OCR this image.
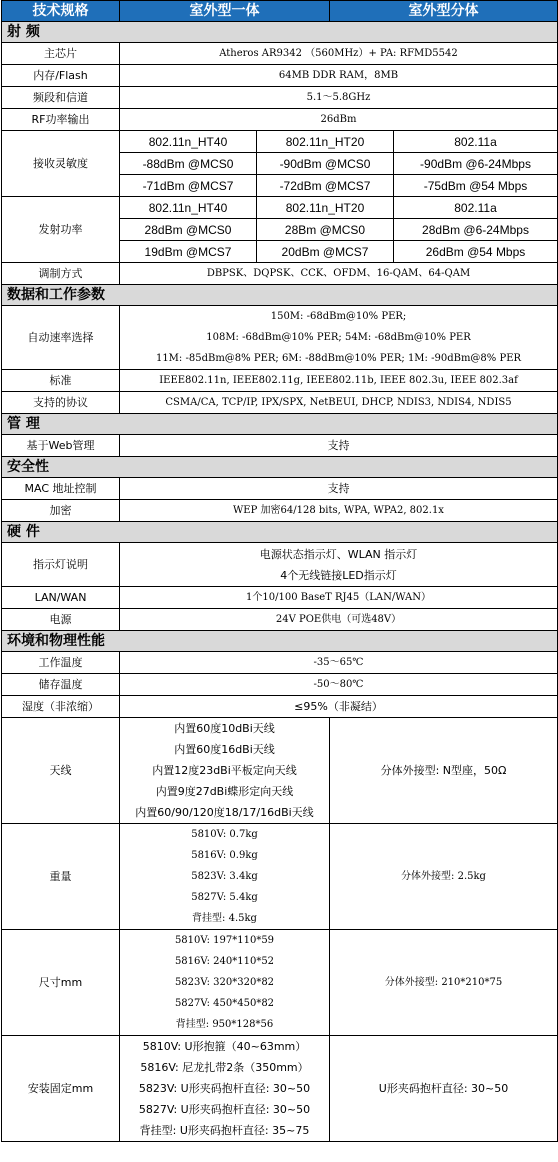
技术规格	室外型一体		室外型分体	
射 频				
主芯片	Atheros AR9342 （560MHz）+ PA: RFMD5542			
内存/Flash	64MB DDR RAM，8MB			
频段和信道	5.1～5.8GHz			
RF功率输出	26dBm			
接收灵敏度	802.11n_HT40	802.11n_HT20		802.11a
	-88dBm @MCS0	-90dBm @MCS0		-90dBm @6-24Mbps
	-71dBm @MCS7	-72dBm @MCS7		-75dBm @54 Mbps
发射功率	802.11n_HT40	802.11n_HT20		802.11a
	28dBm @MCS0	28Bm @MCS0		28dBm @6-24Mbps
	19dBm @MCS7	20dBm @MCS7		26dBm @54 Mbps
调制方式	DBPSK、DQPSK、CCK、OFDM、16-QAM、64-QAM			
数据和工作参数				
自动速率选择	150M: -68dBm@10% PER;
108M: -68dBm@10% PER; 54M: -68dBm@10% PER
11M: -85dBm@8% PER; 6M: -88dBm@10% PER; 1M: -90dBm@8% PER			

标准	IEEE802.11n, IEEE802.11g, IEEE802.11b, IEEE 802.3u, IEEE 802.3af			
支持的协议	CSMA/CA, TCP/IP, IPX/SPX, NetBEUI, DHCP, NDIS3, NDIS4, NDIS5			
管 理				
基于Web管理	支持			
安全性				
MAC 地址控制	支持			
加密	WEP 加密64/128 bits, WPA, WPA2, 802.1x			
硬 件				
指示灯说明	电源状态指示灯、WLAN 指示灯
4个无线链接LED指示灯			

LAN/WAN	1个10/100 BaseT RJ45（LAN/WAN）			
电源	24V POE供电（可选48V）			
环境和物理性能				
工作温度	-35～65℃			
储存温度	-50～80℃			
湿度（非浓缩）	≤95%（非凝结）			
天线	内置60度10dBi天线
内置60度16dBi天线
内置12度23dBi平板定向天线
内置9度27dBi蝶形定向天线
内置60/90/120度18/17/16dBi天线		分体外接型: N型座，50Ω	
重量	5810V: 0.7kg
5816V: 0.9kg
5823V: 3.4kg
5827V: 5.4kg
背挂型: 4.5kg		分体外接型: 2.5kg	
尺寸mm	5810V: 197*110*59
5816V: 240*110*52
5823V: 320*320*82
5827V: 450*450*82
背挂型: 950*128*56		分体外接型: 210*210*75	
安装固定mm	5810V: U形抱箍（40~63mm）
5816V: 尼龙扎带2条（350mm）
5823V: U形夹码抱杆直径: 30~50
5827V: U形夹码抱杆直径: 30~50
背挂型: U形夹码抱杆直径: 35~75		U形夹码抱杆直径: 30~50	
